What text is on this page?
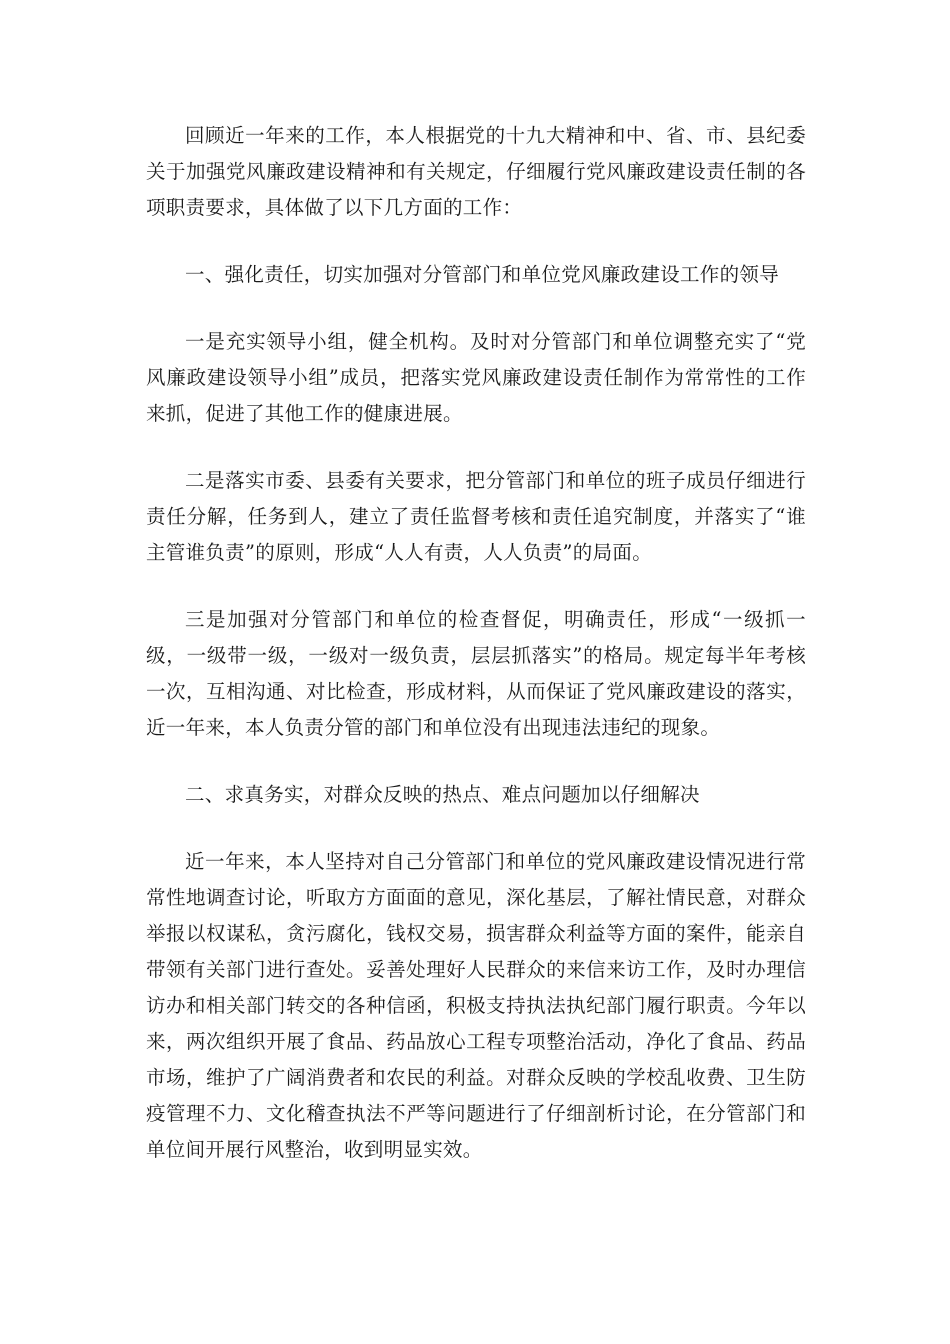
回顾近一年来的工作，本人根据党的十九大精神和中、省、市、县纪委关于加强党风廉政建设精神和有关规定，仔细履行党风廉政建设责任制的各项职责要求，具体做了以下几方面的工作：

一、强化责任，切实加强对分管部门和单位党风廉政建设工作的领导

一是充实领导小组，健全机构。及时对分管部门和单位调整充实了“党风廉政建设领导小组”成员，把落实党风廉政建设责任制作为常常性的工作来抓，促进了其他工作的健康进展。

二是落实市委、县委有关要求，把分管部门和单位的班子成员仔细进行责任分解，任务到人，建立了责任监督考核和责任追究制度，并落实了“谁主管谁负责”的原则，形成“人人有责，人人负责”的局面。

三是加强对分管部门和单位的检查督促，明确责任，形成“一级抓一级，一级带一级，一级对一级负责，层层抓落实”的格局。规定每半年考核一次，互相沟通、对比检查，形成材料，从而保证了党风廉政建设的落实，近一年来，本人负责分管的部门和单位没有出现违法违纪的现象。

二、求真务实，对群众反映的热点、难点问题加以仔细解决

近一年来，本人坚持对自己分管部门和单位的党风廉政建设情况进行常常性地调查讨论，听取方方面面的意见，深化基层，了解社情民意，对群众举报以权谋私，贪污腐化，钱权交易，损害群众利益等方面的案件，能亲自带领有关部门进行查处。妥善处理好人民群众的来信来访工作，及时办理信访办和相关部门转交的各种信函，积极支持执法执纪部门履行职责。今年以来，两次组织开展了食品、药品放心工程专项整治活动，净化了食品、药品市场，维护了广阔消费者和农民的利益。对群众反映的学校乱收费、卫生防疫管理不力、文化稽查执法不严等问题进行了仔细剖析讨论，在分管部门和单位间开展行风整治，收到明显实效。
